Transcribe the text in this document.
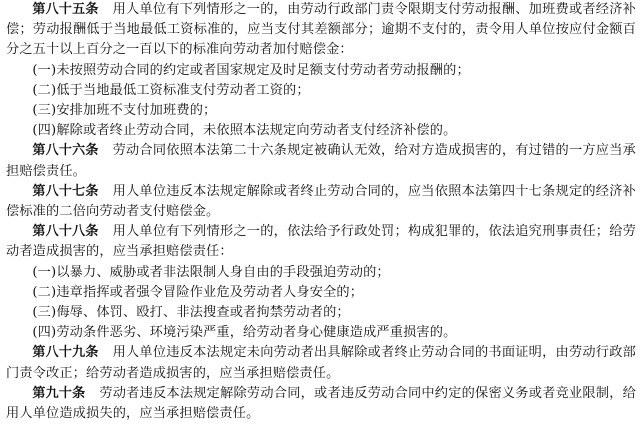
第八十五条 用人单位有下列情形之一的，由劳动行政部门责令限期支付劳动报酬、加班费或者经济补偿；劳动报酬低于当地最低工资标准的，应当支付其差额部分；逾期不支付的，责令用人单位按应付金额百分之五十以上百分之一百以下的标准向劳动者加付赔偿金：

(一)未按照劳动合同的约定或者国家规定及时足额支付劳动者劳动报酬的；

(二)低于当地最低工资标准支付劳动者工资的；

(三)安排加班不支付加班费的；

(四)解除或者终止劳动合同，未依照本法规定向劳动者支付经济补偿的。

第八十六条 劳动合同依照本法第二十六条规定被确认无效，给对方造成损害的，有过错的一方应当承担赔偿责任。

第八十七条 用人单位违反本法规定解除或者终止劳动合同的，应当依照本法第四十七条规定的经济补偿标准的二倍向劳动者支付赔偿金。

第八十八条 用人单位有下列情形之一的，依法给予行政处罚；构成犯罪的，依法追究刑事责任；给劳动者造成损害的，应当承担赔偿责任：

(一)以暴力、威胁或者非法限制人身自由的手段强迫劳动的；

(二)违章指挥或者强令冒险作业危及劳动者人身安全的；

(三)侮辱、体罚、殴打、非法搜查或者拘禁劳动者的；

(四)劳动条件恶劣、环境污染严重，给劳动者身心健康造成严重损害的。

第八十九条 用人单位违反本法规定未向劳动者出具解除或者终止劳动合同的书面证明，由劳动行政部门责令改正；给劳动者造成损害的，应当承担赔偿责任。

第九十条 劳动者违反本法规定解除劳动合同，或者违反劳动合同中约定的保密义务或者竞业限制，给用人单位造成损失的，应当承担赔偿责任。
